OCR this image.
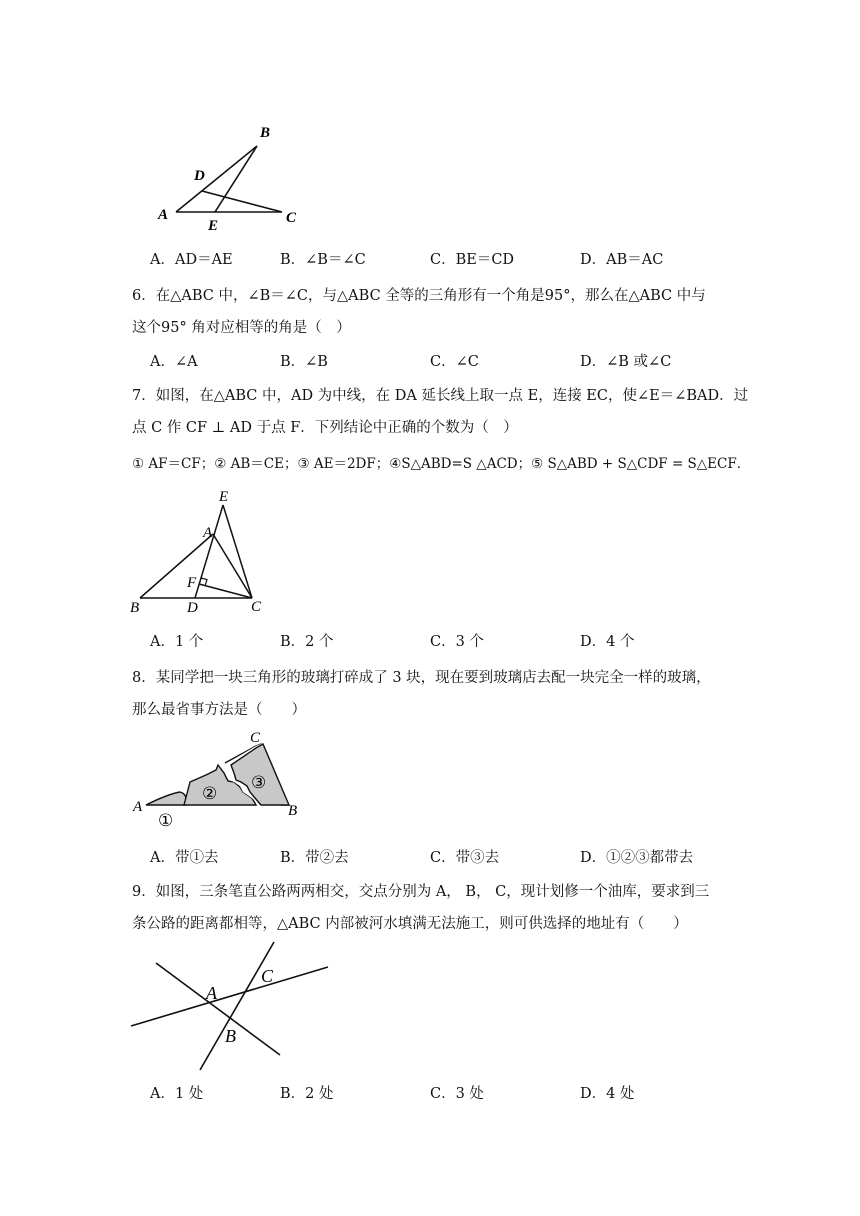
B
D
A
E	C
A．AD＝AE	B．∠B＝∠C	C．BE＝CD	D．AB＝AC
6．在△ABC 中，∠B＝∠C，与△ABC 全等的三角形有一个角是95°，那么在△ABC 中与
这个95° 角对应相等的角是（　）
A．∠A	B．∠B	C．∠C	D．∠B 或∠C
7．如图，在△ABC 中，AD 为中线，在 DA 延长线上取一点 E，连接 EC，使∠E＝∠BAD．过
点 C 作 CF ⊥ AD 于点 F．下列结论中正确的个数为（　）
① AF＝CF；② AB＝CE；③ AE＝2DF；④S△ABD=S △ACD；⑤ S△ABD + S△CDF = S△ECF．
E
A
F
B	D	C
A．1 个	B．2 个	C．3 个	D．4 个
8．某同学把一块三角形的玻璃打碎成了 3 块，现在要到玻璃店去配一块完全一样的玻璃，
那么最省事方法是（　　）
A	B
C
①
②
③
A．带①去	B．带②去	C．带③去	D．①②③都带去
9．如图，三条笔直公路两两相交，交点分别为 A， B， C，现计划修一个油库，要求到三
条公路的距离都相等，△ABC 内部被河水填满无法施工，则可供选择的地址有（　　）
A
C
B
A．1 处	B．2 处	C．3 处	D．4 处
